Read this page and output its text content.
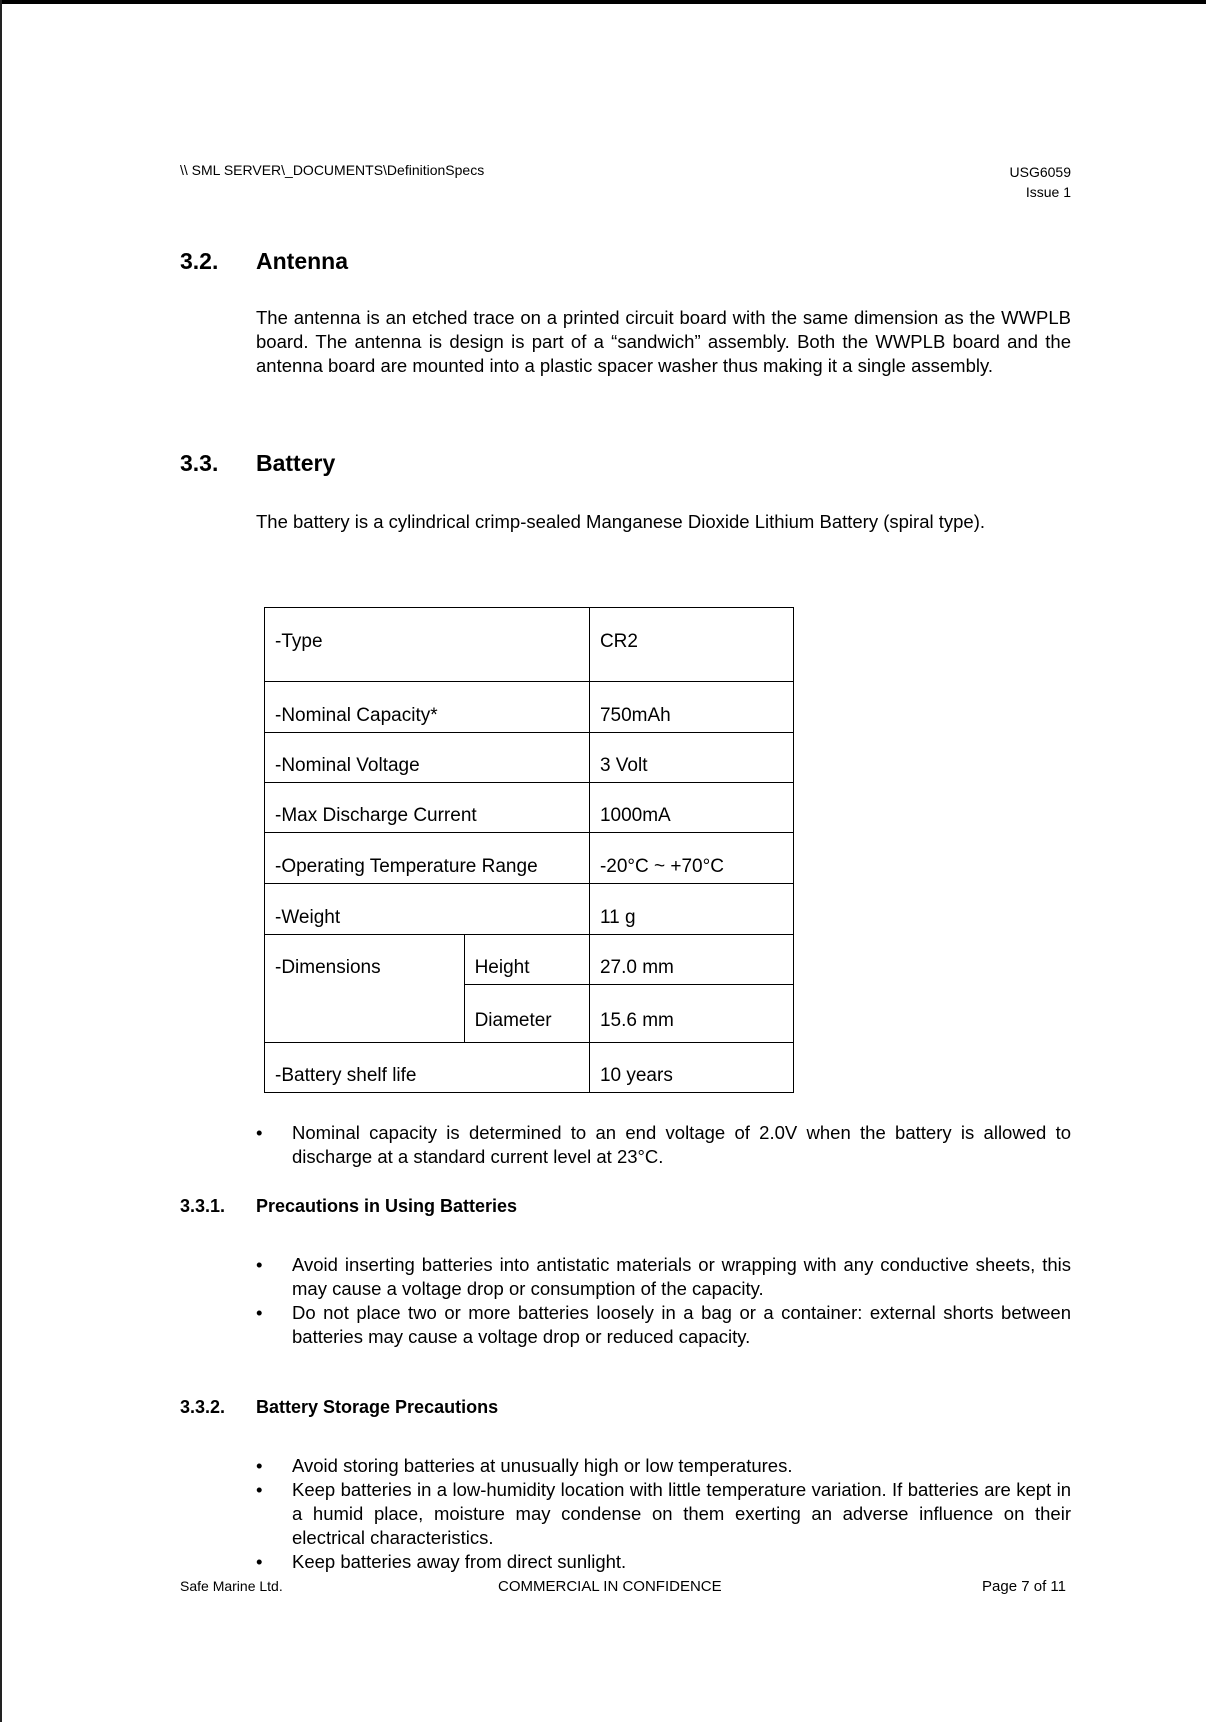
\\ SML SERVER\_DOCUMENTS\DefinitionSpecs	USG6059
Issue 1
3.2. Antenna
The antenna is an etched trace on a printed circuit board with the same dimension as the WWPLB board. The antenna is design is part of a “sandwich” assembly. Both the WWPLB board and the antenna board are mounted into a plastic spacer washer thus making it a single assembly.
3.3. Battery
The battery is a cylindrical crimp-sealed Manganese Dioxide Lithium Battery (spiral type).
-Type		CR2
-Nominal Capacity*		750mAh
-Nominal Voltage		3 Volt
-Max Discharge Current		1000mA
-Operating Temperature Range		-20°C ~ +70°C
-Weight		11 g
-Dimensions	Height	27.0 mm
	Diameter	15.6 mm
-Battery shelf life		10 years
• Nominal capacity is determined to an end voltage of 2.0V when the battery is allowed to discharge at a standard current level at 23°C.
3.3.1. Precautions in Using Batteries
• Avoid inserting batteries into antistatic materials or wrapping with any conductive sheets, this may cause a voltage drop or consumption of the capacity.
• Do not place two or more batteries loosely in a bag or a container: external shorts between batteries may cause a voltage drop or reduced capacity.
3.3.2. Battery Storage Precautions
• Avoid storing batteries at unusually high or low temperatures.
• Keep batteries in a low-humidity location with little temperature variation. If batteries are kept in a humid place, moisture may condense on them exerting an adverse influence on their electrical characteristics.
• Keep batteries away from direct sunlight.
Safe Marine Ltd.	COMMERCIAL IN CONFIDENCE	Page 7 of 11
